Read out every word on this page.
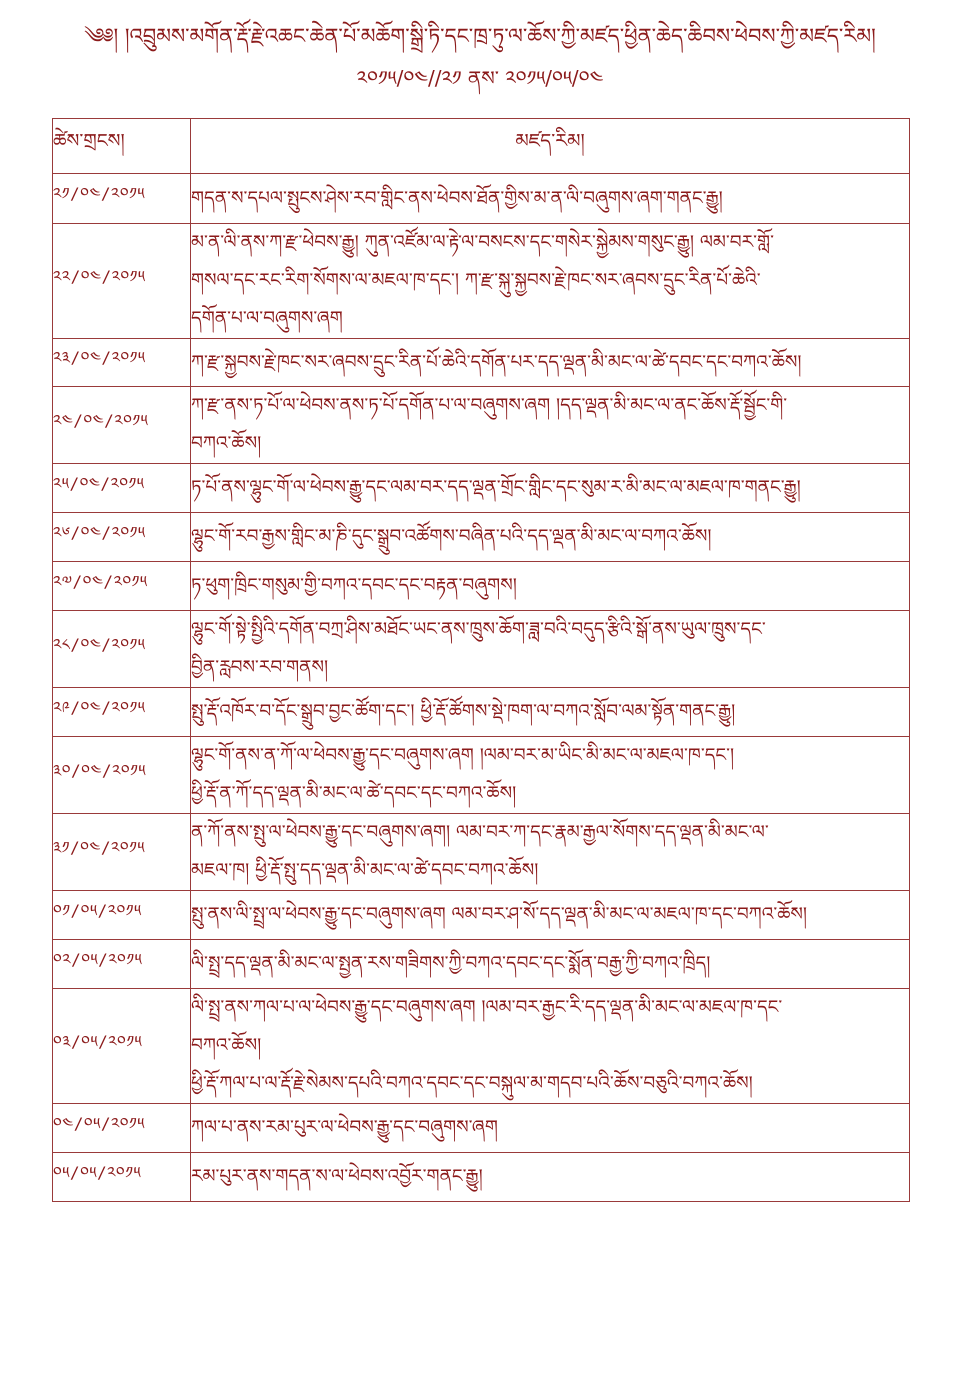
༄༅། །འབྲུམས་མགོན་རྡོ་རྗེ་འཆང་ཆེན་པོ་མཆོག་སྒྲི་ཏི་དང་ཁྲ་ཏུ་ལ་ཆོས་ཀྱི་མཛད་ཕྱིན་ཆེད་ཆིབས་ཕེབས་ཀྱི་མཛད་རིམ།
༢༠༡༥/༠༤//༢༡ ནས་ ༢༠༡༥/༠༥/༠༤
ཚེས་གྲངས།	མཛད་རིམ།
༢༡/༠༤/༢༠༡༥	གདན་ས་དཔལ་སྤུངས་ཤེས་རབ་གླིང་ནས་ཕེབས་ཐོན་གྱིས་མ་ན་ལི་བཞུགས་ཞག་གནང་རྒྱུ།

༢༢/༠༤/༢༠༡༥	མ་ན་ལི་ནས་ཀ་རྫ་ཕེབས་རྒྱུ། ཀུན་འཛོམ་ལ་རྟེ་ལ་བསངས་དང་གསེར་སྐྱེམས་གསུང་རྒྱུ། ལམ་བར་གློ་
གསལ་དང་རང་རིག་སོགས་ལ་མཇལ་ཁ་དང་། ཀ་རྫ་སྐུ་སྐྱབས་རྗེ་ཁང་སར་ཞབས་དྲུང་རིན་པོ་ཆེའི་
དགོན་པ་ལ་བཞུགས་ཞག

༢༣/༠༤/༢༠༡༥	ཀ་རྫ་སྐྱབས་རྗེ་ཁང་སར་ཞབས་དྲུང་རིན་པོ་ཆེའི་དགོན་པར་དད་ལྡན་མི་མང་ལ་ཚེ་དབང་དང་བཀའ་ཆོས།

༢༤/༠༤/༢༠༡༥	ཀ་རྫ་ནས་ཏ་པོ་ལ་ཕེབས་ནས་ཏ་པོ་དགོན་པ་ལ་བཞུགས་ཞག །དད་ལྡན་མི་མང་ལ་ནང་ཆོས་རྡོ་སྦྱོང་གི་
བཀའ་ཆོས།

༢༥/༠༤/༢༠༡༥	ཏ་པོ་ནས་ལྷུང་གོ་ལ་ཕེབས་རྒྱུ་དང་ལམ་བར་དད་ལྡན་གྲོང་གླིང་དང་སུམ་ར་མི་མང་ལ་མཇལ་ཁ་གནང་རྒྱུ།

༢༦/༠༤/༢༠༡༥	ལྷུང་གོ་རབ་རྒྱས་གླིང་མ་ཎི་དུང་སྒྲུབ་འཚོགས་བཞིན་པའི་དད་ལྡན་མི་མང་ལ་བཀའ་ཆོས།

༢༧/༠༤/༢༠༡༥	ཏ་ཕུག་ཁྲིང་གསུམ་གྱི་བཀའ་དབང་དང་བརྟན་བཞུགས།

༢༨/༠༤/༢༠༡༥	ལྷུང་གོ་སྟེ་སྤྱིའི་དགོན་བཀྲ་ཤིས་མཐོང་ཡང་ནས་ཁྲུས་ཆོག་ཟླ་བའི་བདུད་རྩིའི་སྒོ་ནས་ཡུལ་ཁྲུས་དང་
བྱིན་རླབས་རབ་གནས།

༢༩/༠༤/༢༠༡༥	སྤུ་རྡོ་འཁོར་བ་དོང་སྒྲུབ་བྱང་ཚོག་དང་། ཕྱི་རྡོ་ཚོགས་སྡེ་ཁག་ལ་བཀའ་སློབ་ལམ་སྟོན་གནང་རྒྱུ།

༣༠/༠༤/༢༠༡༥	ལྷུང་གོ་ནས་ན་ཀོ་ལ་ཕེབས་རྒྱུ་དང་བཞུགས་ཞག །ལམ་བར་མ་ཡིང་མི་མང་ལ་མཇལ་ཁ་དང་།
ཕྱི་རྡོ་ན་ཀོ་དད་ལྡན་མི་མང་ལ་ཚེ་དབང་དང་བཀའ་ཆོས།

༣༡/༠༤/༢༠༡༥	ན་ཀོ་ནས་སྤུ་ལ་ཕེབས་རྒྱུ་དང་བཞུགས་ཞག། ལམ་བར་ཀ་དང་རྣམ་རྒྱལ་སོགས་དད་ལྡན་མི་མང་ལ་
མཇལ་ཁ། ཕྱི་རྡོ་སྤུ་དད་ལྡན་མི་མང་ལ་ཚེ་དབང་བཀའ་ཆོས།

༠༡/༠༥/༢༠༡༥	སྤུ་ནས་ལི་སྤྲ་ལ་ཕེབས་རྒྱུ་དང་བཞུགས་ཞག ལམ་བར་ཤ་སོ་དད་ལྡན་མི་མང་ལ་མཇལ་ཁ་དང་བཀའ་ཆོས།

༠༢/༠༥/༢༠༡༥	ལི་སྤྲ་དད་ལྡན་མི་མང་ལ་སྤྱན་རས་གཟིགས་ཀྱི་བཀའ་དབང་དང་སྨོན་བརྒྱ་ཀྱི་བཀའ་ཁྲིད།

༠༣/༠༥/༢༠༡༥	ལི་སྤྲ་ནས་ཀལ་པ་ལ་ཕེབས་རྒྱུ་དང་བཞུགས་ཞག །ལམ་བར་རྒྱང་རི་དད་ལྡན་མི་མང་ལ་མཇལ་ཁ་དང་
བཀའ་ཆོས།
ཕྱི་རྡོ་ཀལ་པ་ལ་རྡོ་རྗེ་སེམས་དཔའི་བཀའ་དབང་དང་བསྐུལ་མ་གདབ་པའི་ཆོས་བཅུའི་བཀའ་ཆོས།

༠༤/༠༥/༢༠༡༥	ཀལ་པ་ནས་རམ་པུར་ལ་ཕེབས་རྒྱུ་དང་བཞུགས་ཞག

༠༥/༠༥/༢༠༡༥	རམ་པུར་ནས་གདན་ས་ལ་ཕེབས་འབྱོར་གནང་རྒྱུ།
